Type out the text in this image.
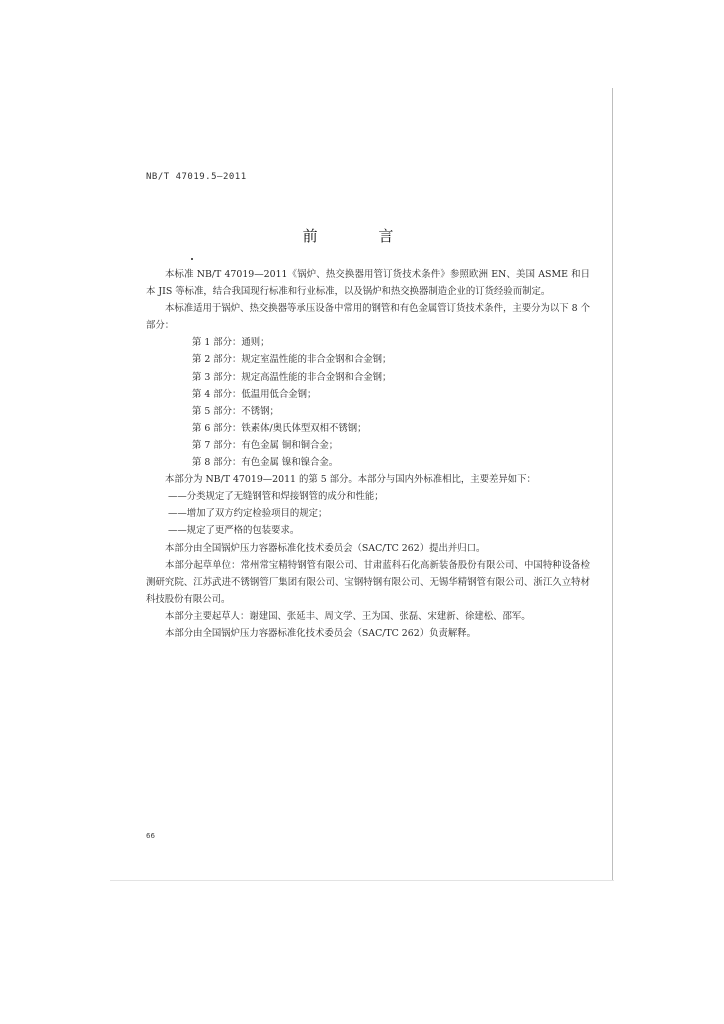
NB/T 47019.5—2011
前 言

本标准 NB/T 47019—2011《锅炉、热交换器用管订货技术条件》参照欧洲 EN、美国 ASME 和日本 JIS 等标准，结合我国现行标准和行业标准，以及锅炉和热交换器制造企业的订货经验而制定。

本标准适用于锅炉、热交换器等承压设备中常用的钢管和有色金属管订货技术条件，主要分为以下 8 个部分：

第 1 部分：通则；

第 2 部分：规定室温性能的非合金钢和合金钢；

第 3 部分：规定高温性能的非合金钢和合金钢；

第 4 部分：低温用低合金钢；

第 5 部分：不锈钢；

第 6 部分：铁素体/奥氏体型双相不锈钢；

第 7 部分：有色金属 铜和铜合金；

第 8 部分：有色金属 镍和镍合金。

本部分为 NB/T 47019—2011 的第 5 部分。本部分与国内外标准相比，主要差异如下：

——分类规定了无缝钢管和焊接钢管的成分和性能；

——增加了双方约定检验项目的规定；

——规定了更严格的包装要求。

本部分由全国锅炉压力容器标准化技术委员会（SAC/TC 262）提出并归口。

本部分起草单位：常州常宝精特钢管有限公司、甘肃蓝科石化高新装备股份有限公司、中国特种设备检测研究院、江苏武进不锈钢管厂集团有限公司、宝钢特钢有限公司、无锡华精钢管有限公司、浙江久立特材科技股份有限公司。

本部分主要起草人：谢建国、张延丰、周文学、王为国、张磊、宋建新、徐建松、邵军。

本部分由全国锅炉压力容器标准化技术委员会（SAC/TC 262）负责解释。

66
